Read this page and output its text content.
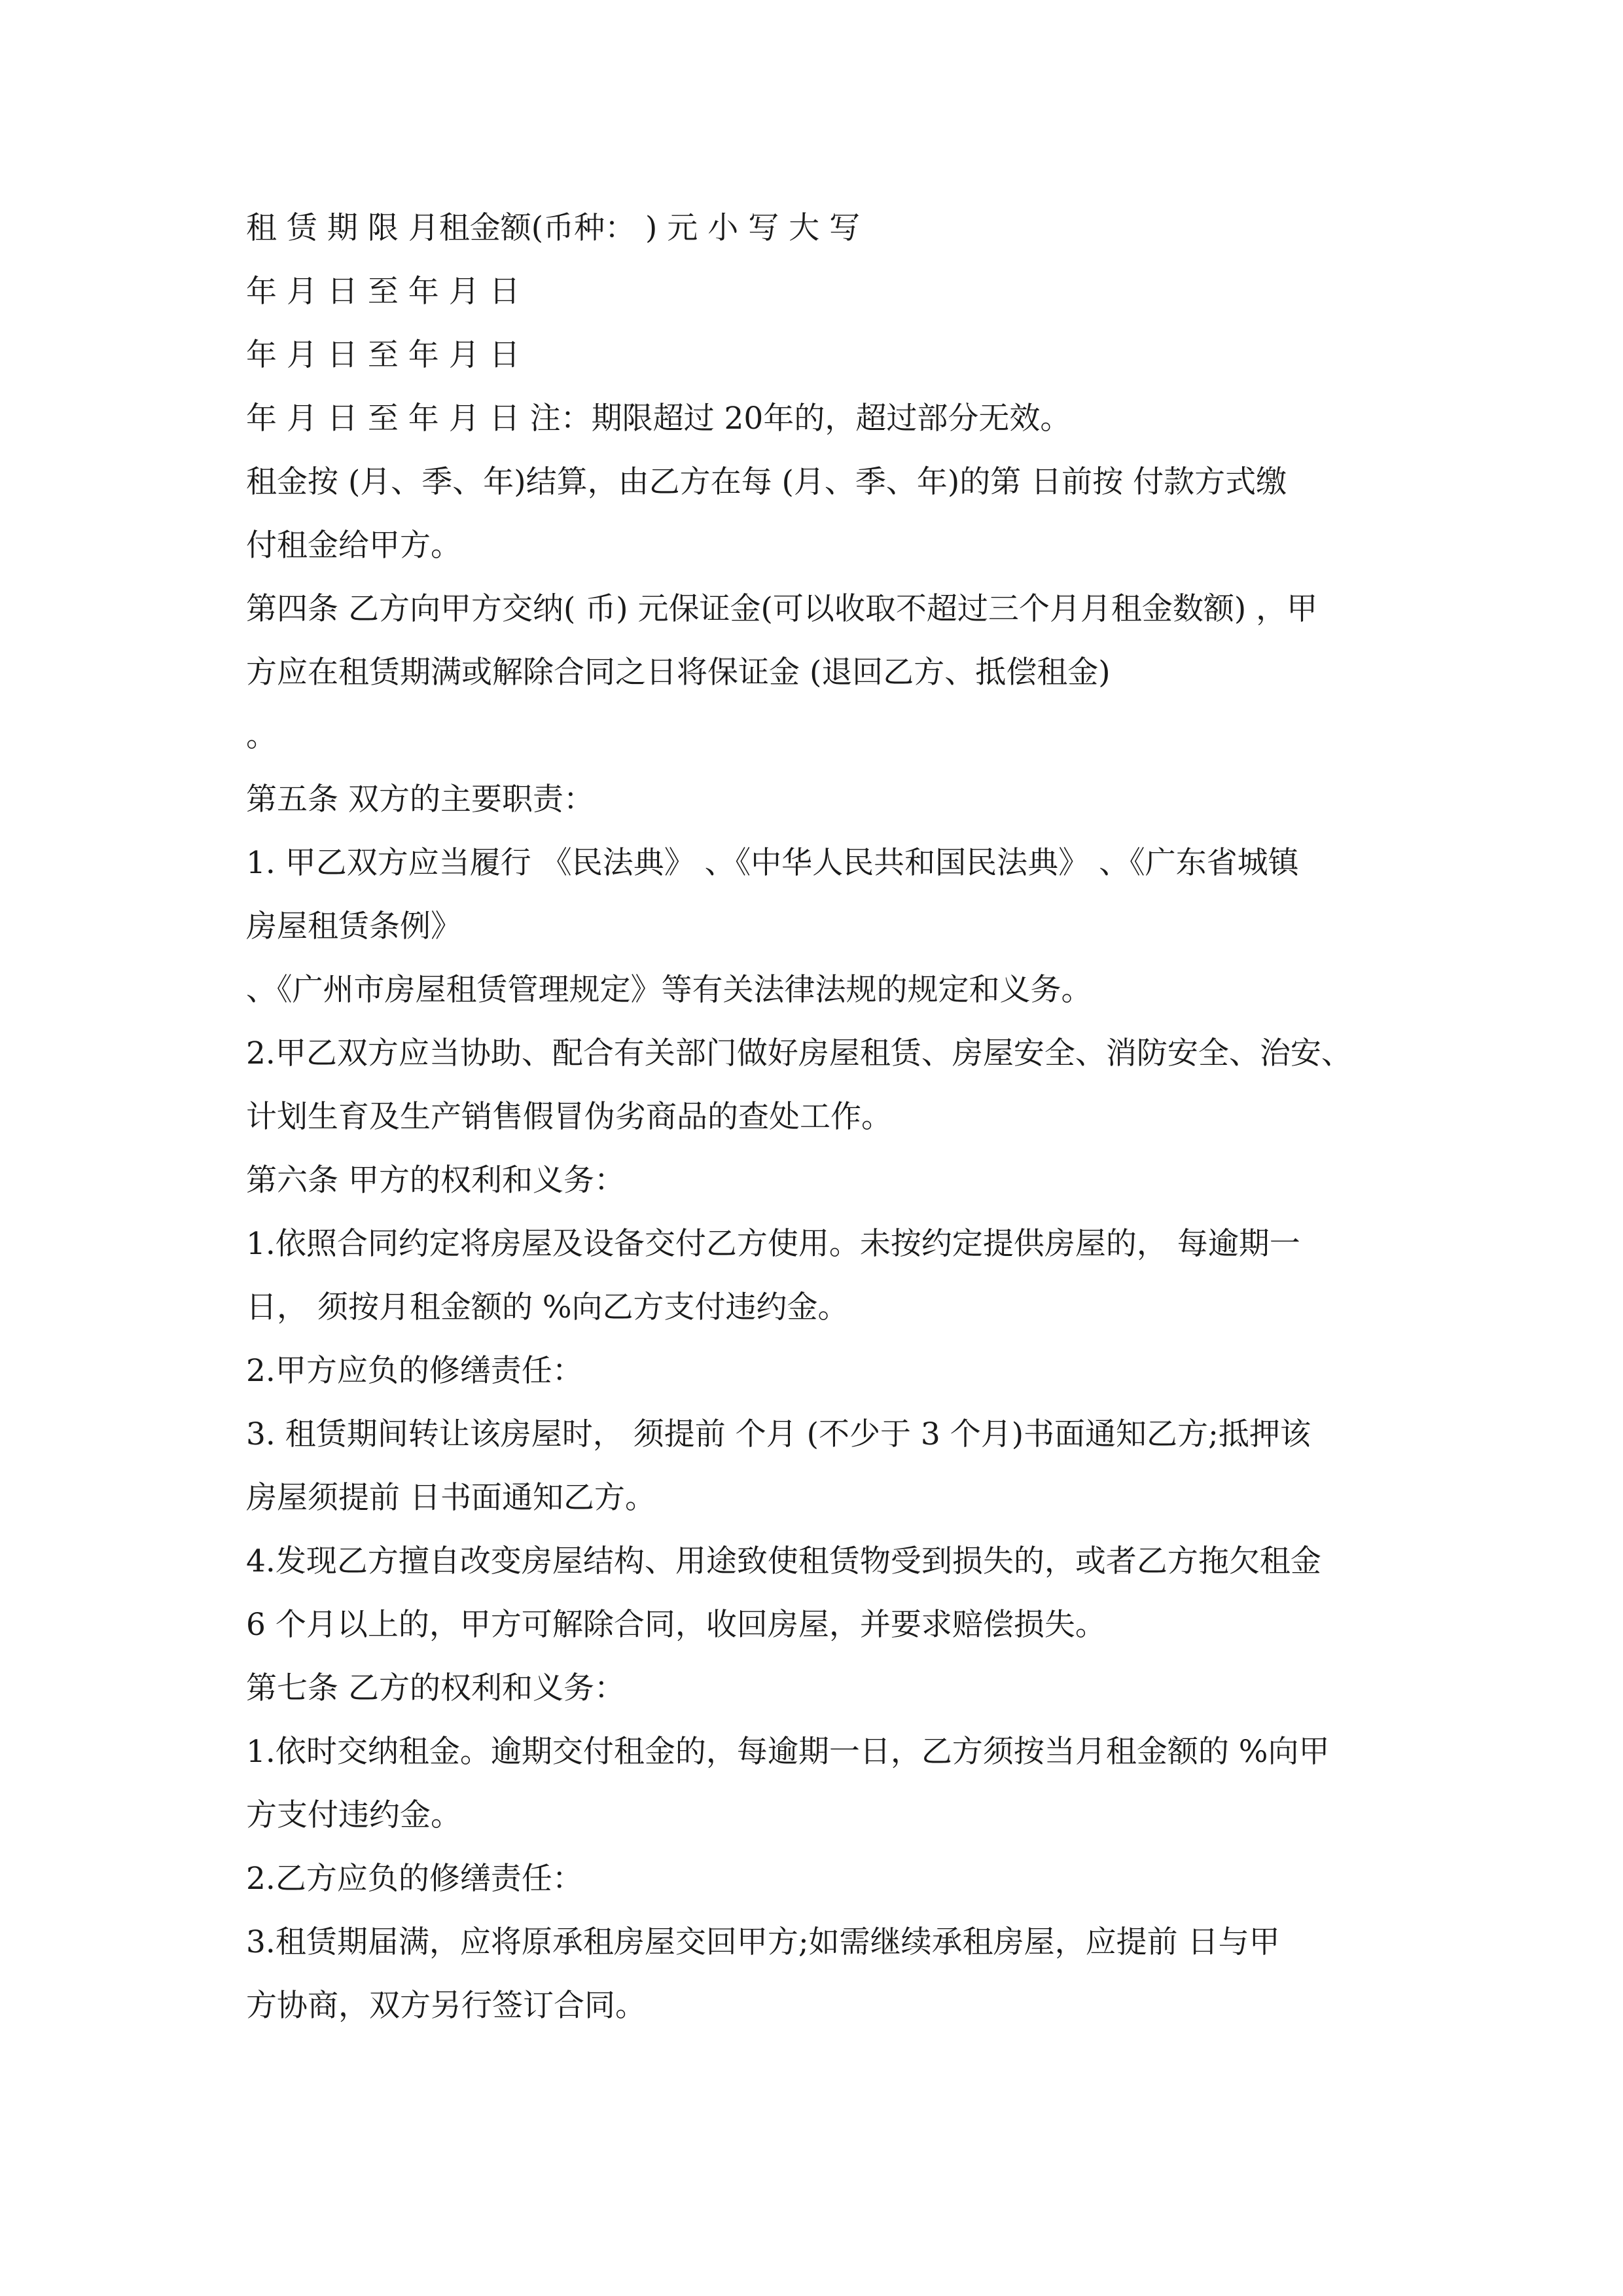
租 赁 期 限 月租金额(币种： ) 元 小 写 大 写
年 月 日 至 年 月 日
年 月 日 至 年 月 日
年 月 日 至 年 月 日 注：期限超过 20年的，超过部分无效。
租金按 (月、季、年)结算，由乙方在每 (月、季、年)的第 日前按 付款方式缴
付租金给甲方。
第四条 乙方向甲方交纳( 币) 元保证金(可以收取不超过三个月月租金数额) ，甲
方应在租赁期满或解除合同之日将保证金 (退回乙方、抵偿租金)
。
第五条 双方的主要职责：
1. 甲乙双方应当履行 《民法典》 、《中华人民共和国民法典》 、《广东省城镇
房屋租赁条例》
、《广州市房屋租赁管理规定》等有关法律法规的规定和义务。
2.甲乙双方应当协助、配合有关部门做好房屋租赁、房屋安全、消防安全、治安、
计划生育及生产销售假冒伪劣商品的查处工作。
第六条 甲方的权利和义务：
1.依照合同约定将房屋及设备交付乙方使用。未按约定提供房屋的， 每逾期一
日， 须按月租金额的 %向乙方支付违约金。
2.甲方应负的修缮责任：
3. 租赁期间转让该房屋时， 须提前 个月 (不少于 3 个月)书面通知乙方;抵押该
房屋须提前 日书面通知乙方。
4.发现乙方擅自改变房屋结构、用途致使租赁物受到损失的，或者乙方拖欠租金
6 个月以上的，甲方可解除合同，收回房屋，并要求赔偿损失。
第七条 乙方的权利和义务：
1.依时交纳租金。逾期交付租金的，每逾期一日，乙方须按当月租金额的 %向甲
方支付违约金。
2.乙方应负的修缮责任：
3.租赁期届满，应将原承租房屋交回甲方;如需继续承租房屋，应提前 日与甲
方协商，双方另行签订合同。
